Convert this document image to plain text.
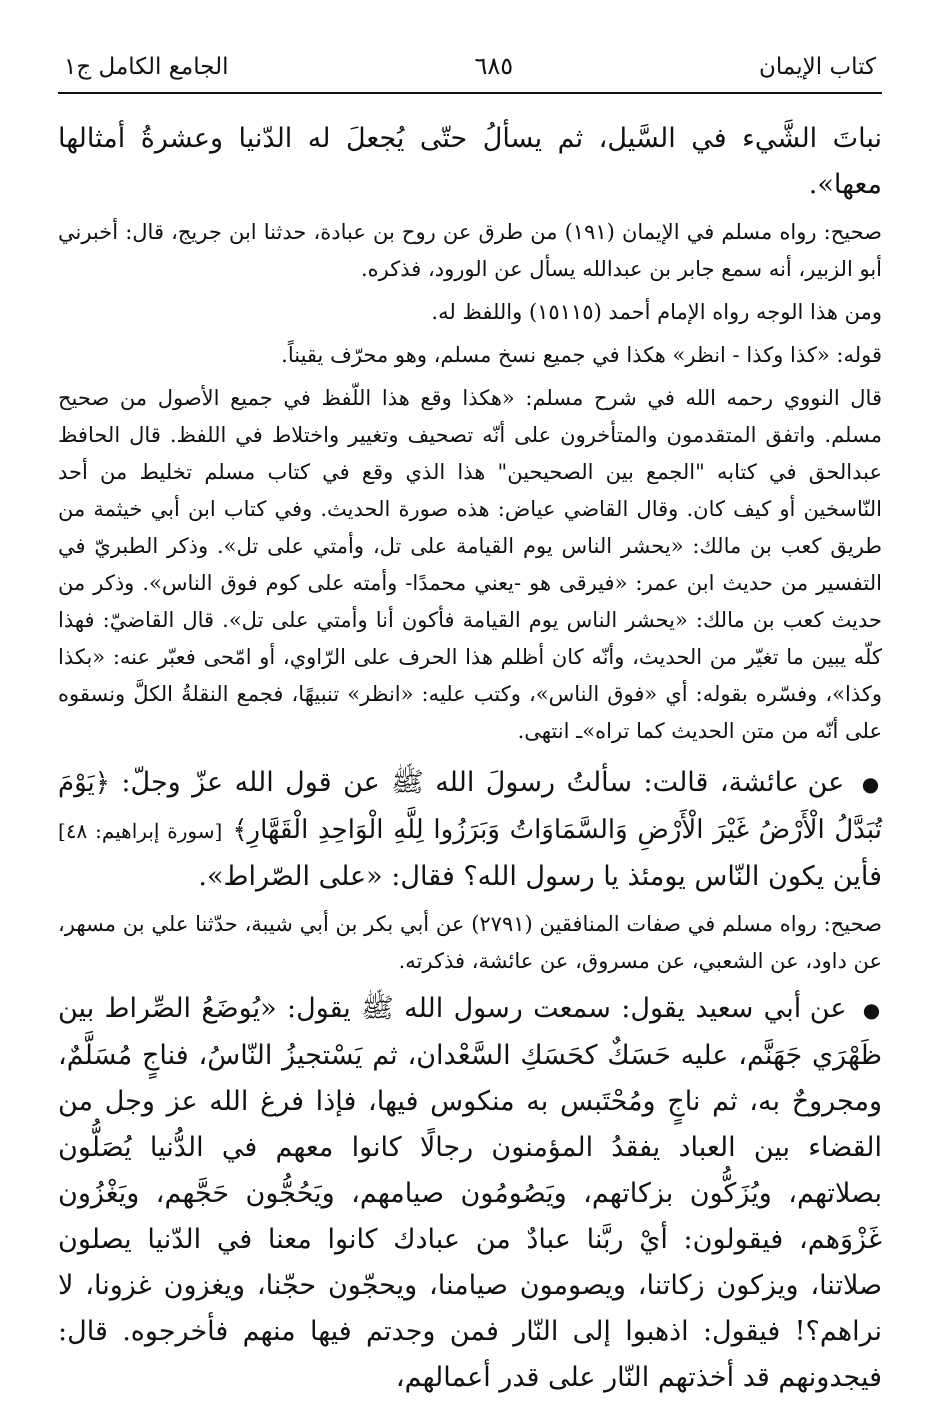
كتاب الإيمان
٦٨٥
الجامع الكامل ج١

نباتَ الشَّيء في السَّيل، ثم يسألُ حتّى يُجعلَ له الدّنيا وعشرةُ أمثالها معها».

صحيح: رواه مسلم في الإيمان (١٩١) من طرق عن روح بن عبادة، حدثنا ابن جريج، قال: أخبرني أبو الزبير، أنه سمع جابر بن عبدالله يسأل عن الورود، فذكره.

ومن هذا الوجه رواه الإمام أحمد (١٥١١٥) واللفظ له.

قوله: «كذا وكذا - انظر» هكذا في جميع نسخ مسلم، وهو محرّف يقيناً.

قال النووي رحمه الله في شرح مسلم: «هكذا وقع هذا اللّفظ في جميع الأصول من صحيح مسلم. واتفق المتقدمون والمتأخرون على أنّه تصحيف وتغيير واختلاط في اللفظ. قال الحافظ عبدالحق في كتابه "الجمع بين الصحيحين" هذا الذي وقع في كتاب مسلم تخليط من أحد النّاسخين أو كيف كان. وقال القاضي عياض: هذه صورة الحديث. وفي كتاب ابن أبي خيثمة من طريق كعب بن مالك: «يحشر الناس يوم القيامة على تل، وأمتي على تل». وذكر الطبريّ في التفسير من حديث ابن عمر: «فيرقى هو -يعني محمدًا- وأمته على كوم فوق الناس». وذكر من حديث كعب بن مالك: «يحشر الناس يوم القيامة فأكون أنا وأمتي على تل». قال القاضيّ: فهذا كلّه يبين ما تغيّر من الحديث، وأنّه كان أظلم هذا الحرف على الرّاوي، أو امّحى فعبّر عنه: «بكذا وكذا»، وفسّره بقوله: أي «فوق الناس»، وكتب عليه: «انظر» تنبيهًا، فجمع النقلةُ الكلَّ ونسقوه على أنّه من متن الحديث كما تراه»ـ انتهى.

● عن عائشة، قالت: سألتُ رسولَ الله ﷺ عن قول الله عزّ وجلّ: ﴿يَوْمَ تُبَدَّلُ الْأَرْضُ غَيْرَ الْأَرْضِ وَالسَّمَاوَاتُ وَبَرَزُوا لِلَّهِ الْوَاحِدِ الْقَهَّارِ﴾ [سورة إبراهيم: ٤٨] فأين يكون النّاس يومئذ يا رسول الله؟ فقال: «على الصّراط».

صحيح: رواه مسلم في صفات المنافقين (٢٧٩١) عن أبي بكر بن أبي شيبة، حدّثنا علي بن مسهر، عن داود، عن الشعبي، عن مسروق، عن عائشة، فذكرته.

● عن أبي سعيد يقول: سمعت رسول الله ﷺ يقول: «يُوضَعُ الصِّراط بين ظَهْرَي جَهَنَّم، عليه حَسَكٌ كحَسَكِ السَّعْدان، ثم يَسْتجيزُ النّاسُ، فناجٍ مُسَلَّمٌ، ومجروحٌ به، ثم ناجٍ ومُحْتَبس به منكوس فيها، فإذا فرغ الله عز وجل من القضاء بين العباد يفقدُ المؤمنون رجالًا كانوا معهم في الدُّنيا يُصَلُّون بصلاتهم، ويُزَكُّون بزكاتهم، ويَصُومُون صيامهم، ويَحُجُّون حَجَّهم، ويَغْزُون غَزْوَهم، فيقولون: أيْ ربَّنا عبادٌ من عبادك كانوا معنا في الدّنيا يصلون صلاتنا، ويزكون زكاتنا، ويصومون صيامنا، ويحجّون حجّنا، ويغزون غزونا، لا نراهم؟! فيقول: اذهبوا إلى النّار فمن وجدتم فيها منهم فأخرجوه. قال: فيجدونهم قد أخذتهم النّار على قدر أعمالهم،
